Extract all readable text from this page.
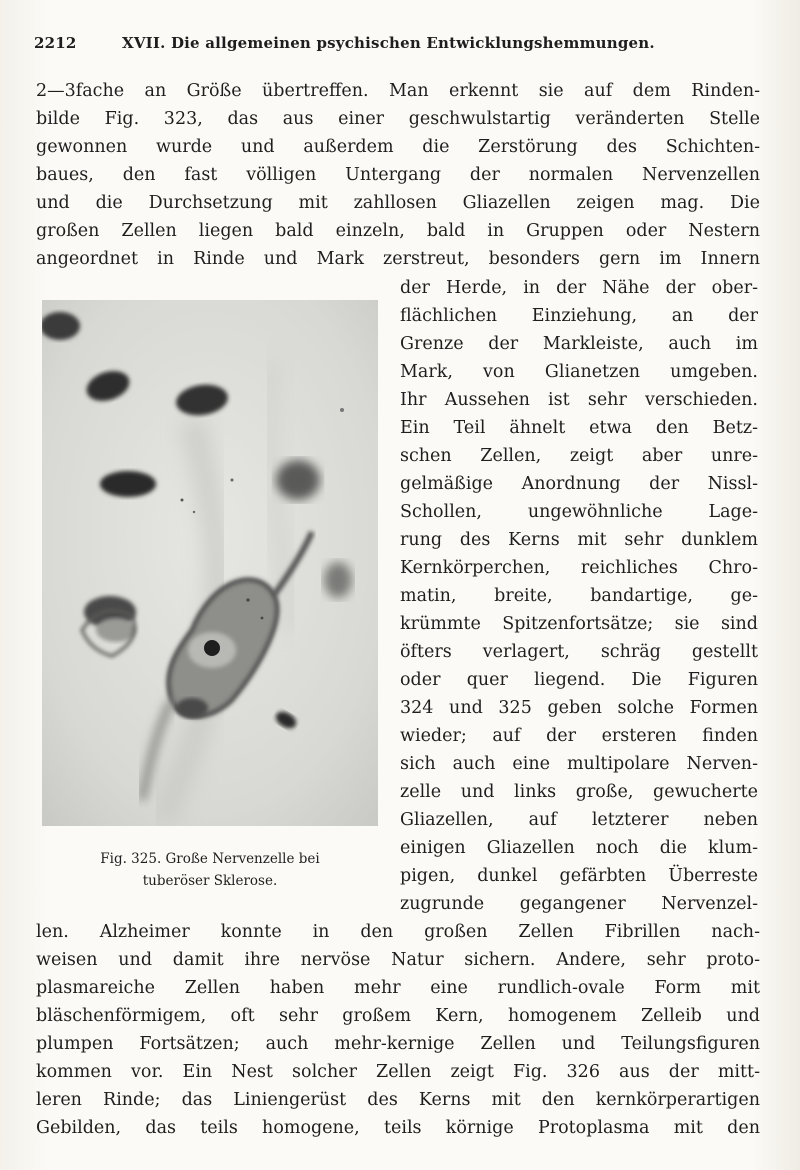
2212	XVII. Die allgemeinen psychischen Entwicklungshemmungen.
2—3fache an Größe übertreffen. Man erkennt sie auf dem Rinden-
bilde Fig. 323, das aus einer geschwulstartig veränderten Stelle
gewonnen wurde und außerdem die Zerstörung des Schichten-
baues, den fast völligen Untergang der normalen Nervenzellen
und die Durchsetzung mit zahllosen Gliazellen zeigen mag. Die
großen Zellen liegen bald einzeln, bald in Gruppen oder Nestern
angeordnet in Rinde und Mark zerstreut, besonders gern im Innern
der Herde, in der Nähe der ober-
flächlichen Einziehung, an der
Grenze der Markleiste, auch im
Mark, von Glianetzen umgeben.
Ihr Aussehen ist sehr verschieden.
Ein Teil ähnelt etwa den Betz-
schen Zellen, zeigt aber unre-
gelmäßige Anordnung der Nissl-
Schollen, ungewöhnliche Lage-
rung des Kerns mit sehr dunklem
Kernkörperchen, reichliches Chro-
matin, breite, bandartige, ge-
krümmte Spitzenfortsätze; sie sind
öfters verlagert, schräg gestellt
oder quer liegend. Die Figuren
324 und 325 geben solche Formen
wieder; auf der ersteren finden
sich auch eine multipolare Nerven-
zelle und links große, gewucherte
Gliazellen, auf letzterer neben
einigen Gliazellen noch die klum-
pigen, dunkel gefärbten Überreste
zugrunde gegangener Nervenzel-
len. Alzheimer konnte in den großen Zellen Fibrillen nach-
weisen und damit ihre nervöse Natur sichern. Andere, sehr proto-
plasmareiche Zellen haben mehr eine rundlich-ovale Form mit
bläschenförmigem, oft sehr großem Kern, homogenem Zelleib und
plumpen Fortsätzen; auch mehr-kernige Zellen und Teilungsfiguren
kommen vor. Ein Nest solcher Zellen zeigt Fig. 326 aus der mitt-
leren Rinde; das Liniengerüst des Kerns mit den kernkörperartigen
Gebilden, das teils homogene, teils körnige Protoplasma mit den
Fig. 325. Große Nervenzelle bei
tuberöser Sklerose.
